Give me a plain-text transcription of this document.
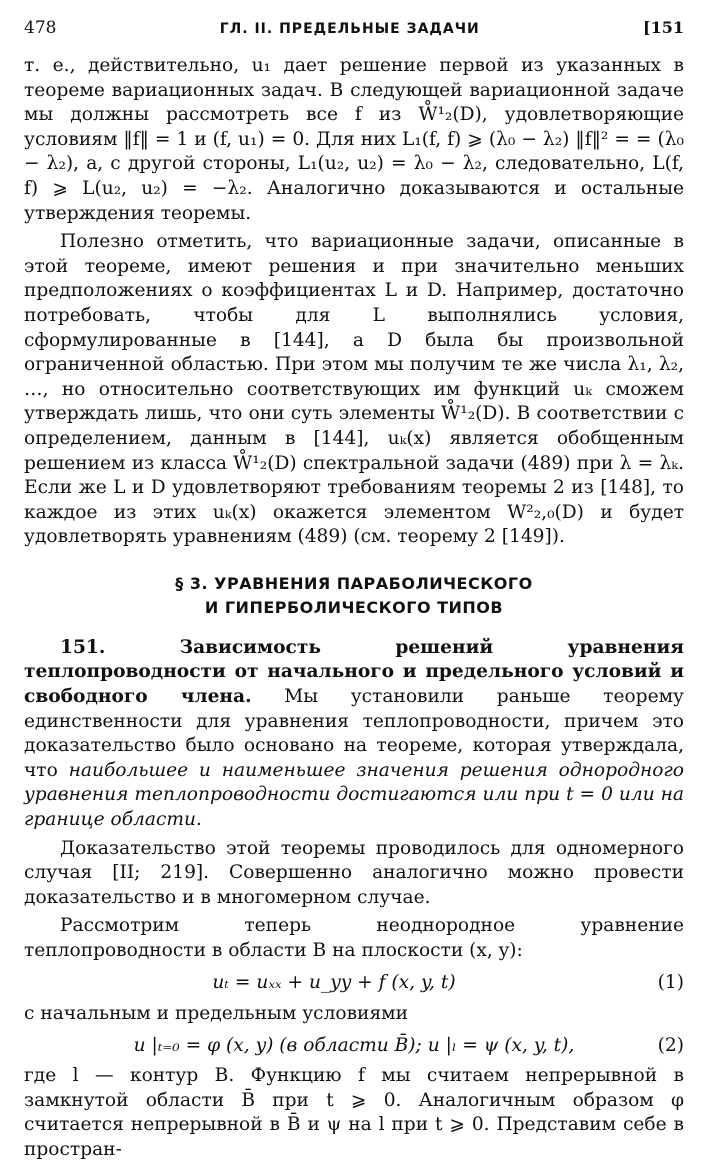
478	ГЛ. II. ПРЕДЕЛЬНЫЕ ЗАДАЧИ	[151

т. е., действительно, u₁ дает решение первой из указанных в теореме вариационных задач. В следующей вариационной задаче мы должны рассмотреть все f из W̊¹₂(D), удовлетворяющие условиям ‖f‖ = 1 и (f, u₁) = 0. Для них L₁(f, f) ⩾ (λ₀ − λ₂) ‖f‖² = = (λ₀ − λ₂), а, с другой стороны, L₁(u₂, u₂) = λ₀ − λ₂, следовательно, L(f, f) ⩾ L(u₂, u₂) = −λ₂. Аналогично доказываются и остальные утверждения теоремы.

Полезно отметить, что вариационные задачи, описанные в этой теореме, имеют решения и при значительно меньших предположениях о коэффициентах L и D. Например, достаточно потребовать, чтобы для L выполнялись условия, сформулированные в [144], а D была бы произвольной ограниченной областью. При этом мы получим те же числа λ₁, λ₂, …, но относительно соответствующих им функций uₖ сможем утверждать лишь, что они суть элементы W̊¹₂(D). В соответствии с определением, данным в [144], uₖ(x) является обобщенным решением из класса W̊¹₂(D) спектральной задачи (489) при λ = λₖ. Если же L и D удовлетворяют требованиям теоремы 2 из [148], то каждое из этих uₖ(x) окажется элементом W²₂,₀(D) и будет удовлетворять уравнениям (489) (см. теорему 2 [149]).

§ 3. УРАВНЕНИЯ ПАРАБОЛИЧЕСКОГО
И ГИПЕРБОЛИЧЕСКОГО ТИПОВ

151. Зависимость решений уравнения теплопроводности от начального и предельного условий и свободного члена. Мы установили раньше теорему единственности для уравнения теплопроводности, причем это доказательство было основано на теореме, которая утверждала, что наибольшее и наименьшее значения решения однородного уравнения теплопроводности достигаются или при t = 0 или на границе области.

Доказательство этой теоремы проводилось для одномерного случая [II; 219]. Совершенно аналогично можно провести доказательство и в многомерном случае.

Рассмотрим теперь неоднородное уравнение теплопроводности в области B на плоскости (x, y):

uₜ = uₓₓ + u_yy + f (x, y, t)	(1)

с начальным и предельным условиями

u |ₜ₌₀ = φ (x, y) (в области B̄); u |ₗ = ψ (x, y, t),	(2)

где l — контур B. Функцию f мы считаем непрерывной в замкнутой области B̄ при t ⩾ 0. Аналогичным образом φ считается непрерывной в B̄ и ψ на l при t ⩾ 0. Представим себе в простран-
